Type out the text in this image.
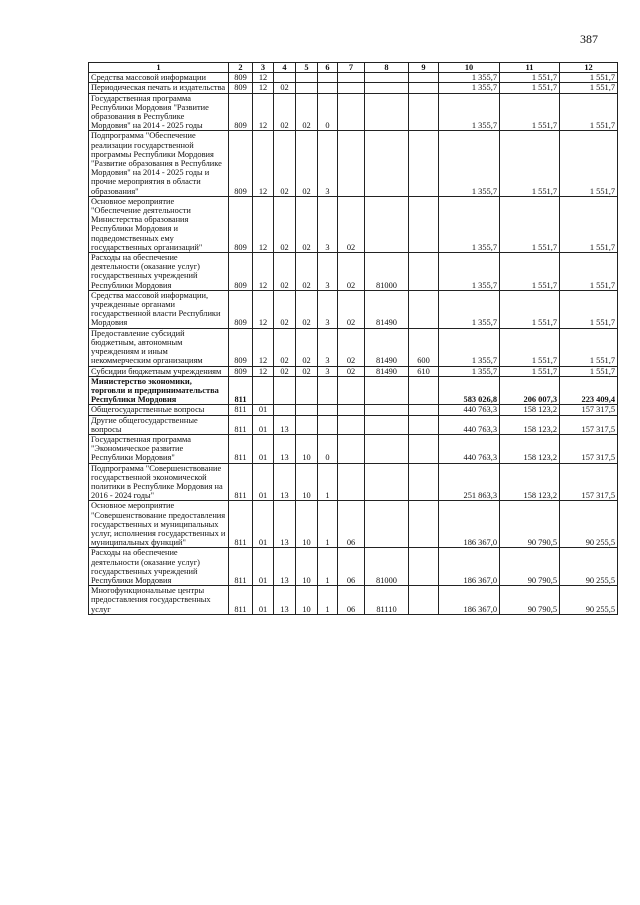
387
1	2	3	4	5	6	7	8	9	10	11	12
Средства массовой информации	809	12							1 355,7	1 551,7	1 551,7
Периодическая печать и издательства	809	12	02						1 355,7	1 551,7	1 551,7
Государственная программа Республики Мордовия "Развитие образования в Республике Мордовия" на 2014 - 2025 годы	809	12	02	02	0				1 355,7	1 551,7	1 551,7
Подпрограмма "Обеспечение реализации государственной программы Республики Мордовия "Развитие образования в Республике Мордовия" на 2014 - 2025 годы и прочие мероприятия в области образования"	809	12	02	02	3				1 355,7	1 551,7	1 551,7
Основное мероприятие "Обеспечение деятельности Министерства образования Республики Мордовия и подведомственных ему государственных организаций"	809	12	02	02	3	02			1 355,7	1 551,7	1 551,7
Расходы на обеспечение деятельности (оказание услуг) государственных учреждений Республики Мордовия	809	12	02	02	3	02	81000		1 355,7	1 551,7	1 551,7
Средства массовой информации, учрежденные органами государственной власти Республики Мордовия	809	12	02	02	3	02	81490		1 355,7	1 551,7	1 551,7
Предоставление субсидий бюджетным, автономным учреждениям и иным некоммерческим организациям	809	12	02	02	3	02	81490	600	1 355,7	1 551,7	1 551,7
Субсидии бюджетным учреждениям	809	12	02	02	3	02	81490	610	1 355,7	1 551,7	1 551,7
Министерство экономики, торговли и предпринимательства Республики Мордовия	811								583 026,8	206 007,3	223 409,4
Общегосударственные вопросы	811	01							440 763,3	158 123,2	157 317,5
Другие общегосударственные вопросы	811	01	13						440 763,3	158 123,2	157 317,5
Государственная программа "Экономическое развитие Республики Мордовия"	811	01	13	10	0				440 763,3	158 123,2	157 317,5
Подпрограмма "Совершенствование государственной экономической политики в Республике Мордовия на 2016 - 2024 годы"	811	01	13	10	1				251 863,3	158 123,2	157 317,5
Основное мероприятие "Совершенствование предоставления государственных и муниципальных услуг, исполнения государственных и муниципальных функций"	811	01	13	10	1	06			186 367,0	90 790,5	90 255,5
Расходы на обеспечение деятельности (оказание услуг) государственных учреждений Республики Мордовия	811	01	13	10	1	06	81000		186 367,0	90 790,5	90 255,5
Многофункциональные центры предоставления государственных услуг	811	01	13	10	1	06	81110		186 367,0	90 790,5	90 255,5
